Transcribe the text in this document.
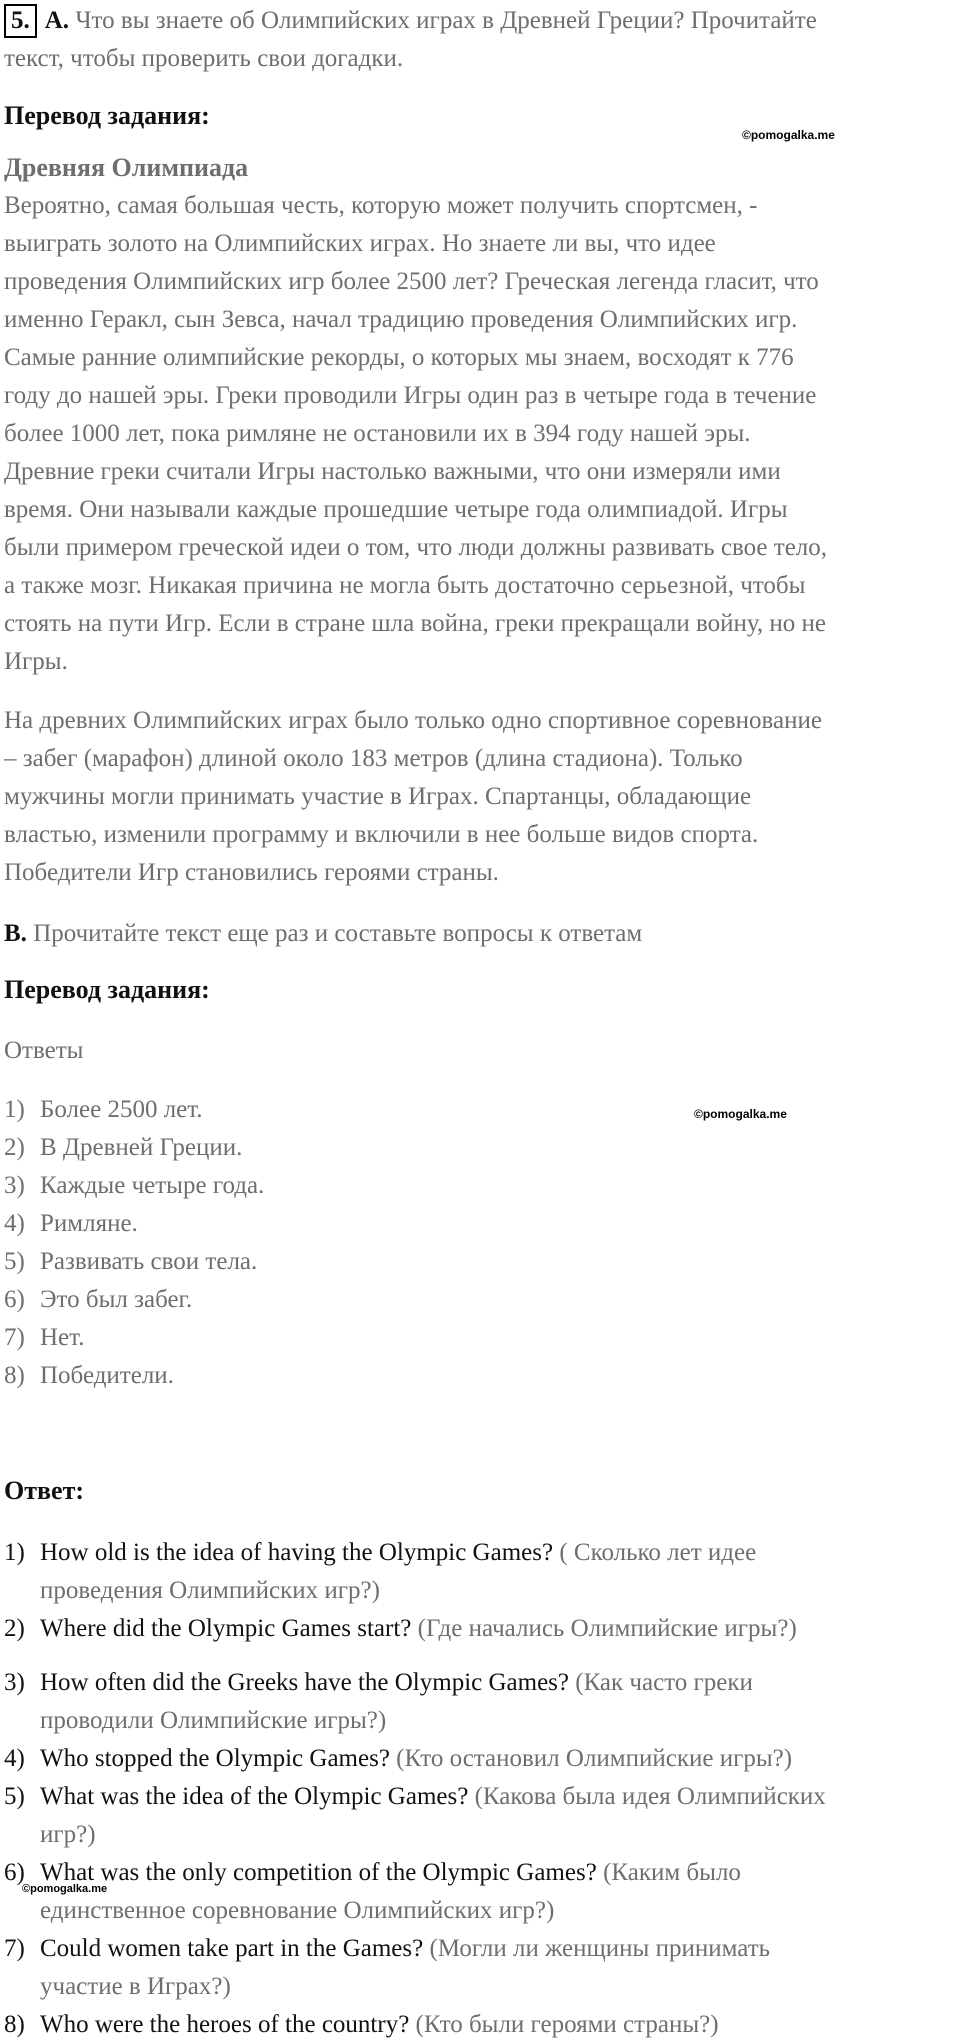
5. A. Что вы знаете об Олимпийских играх в Древней Греции? Прочитайте
текст, чтобы проверить свои догадки.
Перевод задания:
©pomogalka.me
Древняя Олимпиада
Вероятно, самая большая честь, которую может получить спортсмен, -
выиграть золото на Олимпийских играх. Но знаете ли вы, что идее
проведения Олимпийских игр более 2500 лет? Греческая легенда гласит, что
именно Геракл, сын Зевса, начал традицию проведения Олимпийских игр.
Самые ранние олимпийские рекорды, о которых мы знаем, восходят к 776
году до нашей эры. Греки проводили Игры один раз в четыре года в течение
более 1000 лет, пока римляне не остановили их в 394 году нашей эры.
Древние греки считали Игры настолько важными, что они измеряли ими
время. Они называли каждые прошедшие четыре года олимпиадой. Игры
были примером греческой идеи о том, что люди должны развивать свое тело,
а также мозг. Никакая причина не могла быть достаточно серьезной, чтобы
стоять на пути Игр. Если в стране шла война, греки прекращали войну, но не
Игры.
На древних Олимпийских играх было только одно спортивное соревнование
– забег (марафон) длиной около 183 метров (длина стадиона). Только
мужчины могли принимать участие в Играх. Спартанцы, обладающие
властью, изменили программу и включили в нее больше видов спорта.
Победители Игр становились героями страны.
B. Прочитайте текст еще раз и составьте вопросы к ответам
Перевод задания:
Ответы
©pomogalka.me
1) Более 2500 лет.
2) В Древней Греции.
3) Каждые четыре года.
4) Римляне.
5) Развивать свои тела.
6) Это был забег.
7) Нет.
8) Победители.
Ответ:
1) How old is the idea of having the Olympic Games? ( Сколько лет идее
проведения Олимпийских игр?)
2) Where did the Olympic Games start? (Где начались Олимпийские игры?)
3) How often did the Greeks have the Olympic Games? (Как часто греки
проводили Олимпийские игры?)
4) Who stopped the Olympic Games? (Кто остановил Олимпийские игры?)
5) What was the idea of the Olympic Games? (Какова была идея Олимпийских
игр?)
6) What was the only competition of the Olympic Games? (Каким было
единственное соревнование Олимпийских игр?)
©pomogalka.me
7) Could women take part in the Games? (Могли ли женщины принимать
участие в Играх?)
8) Who were the heroes of the country? (Кто были героями страны?)
